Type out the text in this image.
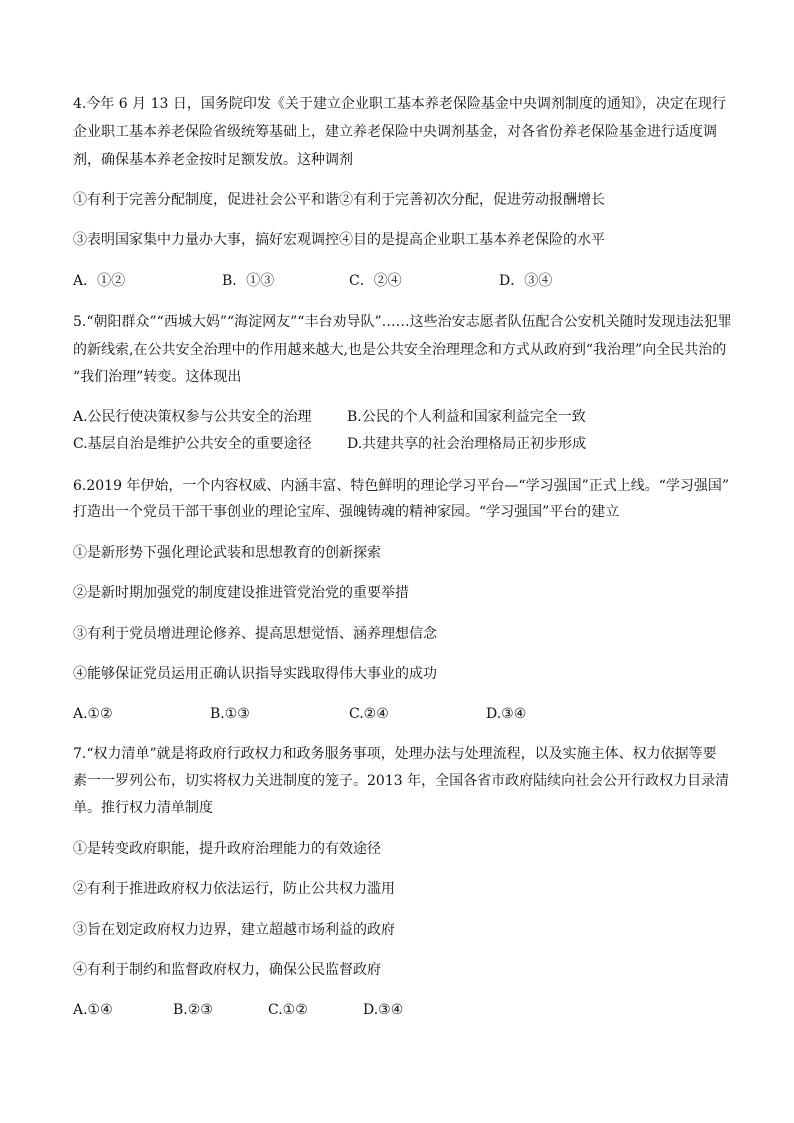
4.今年 6 月 13 日，国务院印发《关于建立企业职工基本养老保险基金中央调剂制度的通知》，决定在现行
企业职工基本养老保险省级统筹基础上，建立养老保险中央调剂基金，对各省份养老保险基金进行适度调
剂，确保基本养老金按时足额发放。这种调剂
①有利于完善分配制度，促进社会公平和谐②有利于完善初次分配，促进劳动报酬增长
③表明国家集中力量办大事，搞好宏观调控④目的是提高企业职工基本养老保险的水平
A．①②	B．①③	C．②④	D．③④
5.“朝阳群众”“西城大妈”“海淀网友”“丰台劝导队”……这些治安志愿者队伍配合公安机关随时发现违法犯罪
的新线索,在公共安全治理中的作用越来越大,也是公共安全治理理念和方式从政府到“我治理”向全民共治的
“我们治理”转变。这体现出
A.公民行使决策权参与公共安全的治理	B.公民的个人利益和国家利益完全一致
C.基层自治是维护公共安全的重要途径	D.共建共享的社会治理格局正初步形成
6.2019 年伊始，一个内容权威、内涵丰富、特色鲜明的理论学习平台—“学习强国”正式上线。“学习强国”
打造出一个党员干部干事创业的理论宝库、强魄铸魂的精神家园。“学习强国”平台的建立
①是新形势下强化理论武装和思想教育的创新探索
②是新时期加强党的制度建设推进管党治党的重要举措
③有利于党员增进理论修养、提高思想觉悟、涵养理想信念
④能够保证党员运用正确认识指导实践取得伟大事业的成功
A.①②	B.①③	C.②④	D.③④
7.“权力清单”就是将政府行政权力和政务服务事项，处理办法与处理流程，以及实施主体、权力依据等要
素一一罗列公布，切实将权力关进制度的笼子。2013 年，全国各省市政府陆续向社会公开行政权力目录清
单。推行权力清单制度
①是转变政府职能，提升政府治理能力的有效途径
②有利于推进政府权力依法运行，防止公共权力滥用
③旨在划定政府权力边界，建立超越市场利益的政府
④有利于制约和监督政府权力，确保公民监督政府
A.①④	B.②③	C.①②	D.③④
